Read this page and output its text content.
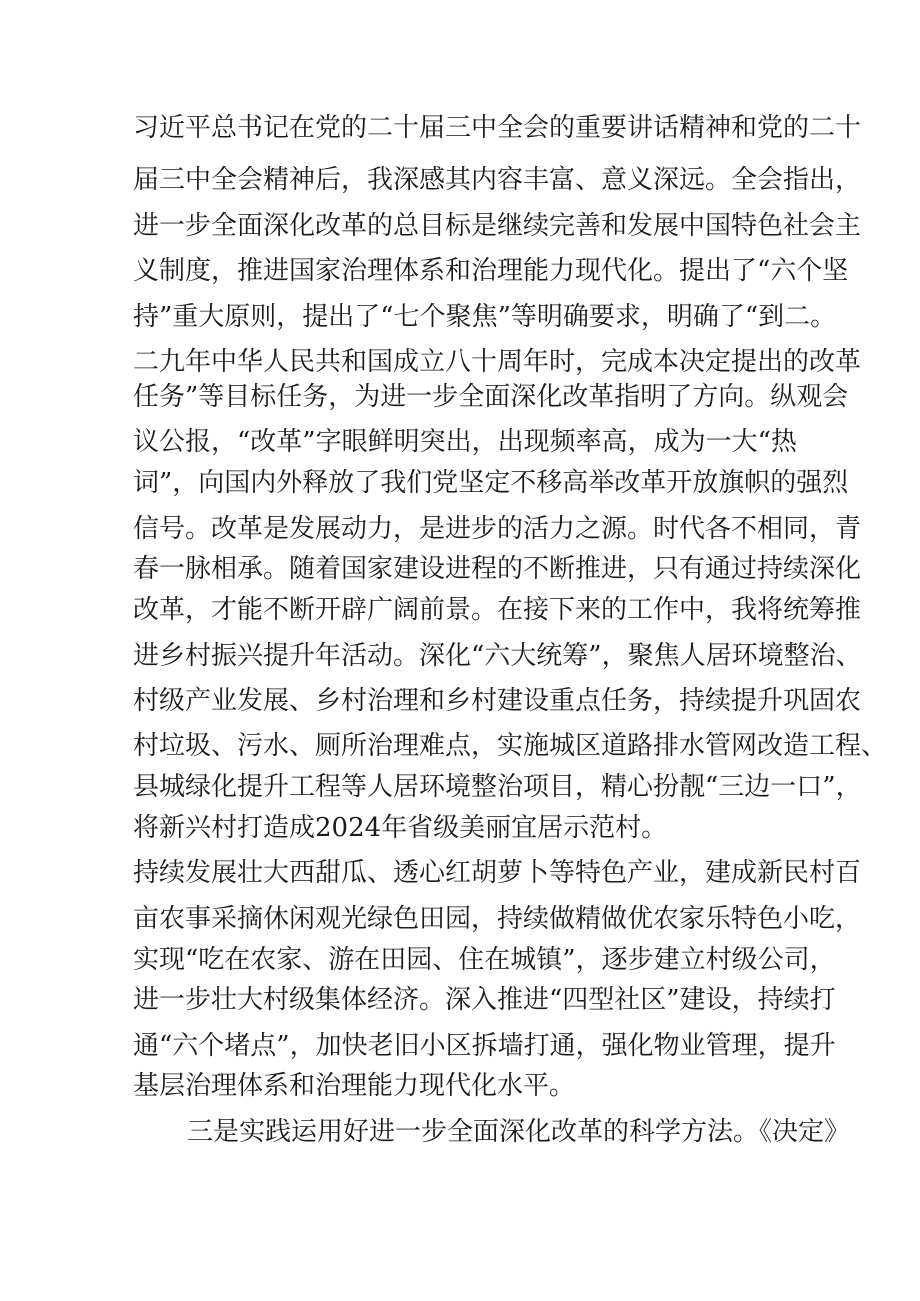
习近平总书记在党的二十届三中全会的重要讲话精神和党的二十
届三中全会精神后，我深感其内容丰富、意义深远。全会指出，
进一步全面深化改革的总目标是继续完善和发展中国特色社会主
义制度，推进国家治理体系和治理能力现代化。提出了“六个坚
持”重大原则，提出了“七个聚焦”等明确要求，明确了“到二。
二九年中华人民共和国成立八十周年时，完成本决定提出的改革
任务”等目标任务，为进一步全面深化改革指明了方向。纵观会
议公报，“改革”字眼鲜明突出，出现频率高，成为一大“热
词”，向国内外释放了我们党坚定不移高举改革开放旗帜的强烈
信号。改革是发展动力，是进步的活力之源。时代各不相同，青
春一脉相承。随着国家建设进程的不断推进，只有通过持续深化
改革，才能不断开辟广阔前景。在接下来的工作中，我将统筹推
进乡村振兴提升年活动。深化“六大统筹”，聚焦人居环境整治、
村级产业发展、乡村治理和乡村建设重点任务，持续提升巩固农
村垃圾、污水、厕所治理难点，实施城区道路排水管网改造工程、
县城绿化提升工程等人居环境整治项目，精心扮靓“三边一口”，
将新兴村打造成2024年省级美丽宜居示范村。
持续发展壮大西甜瓜、透心红胡萝卜等特色产业，建成新民村百
亩农事采摘休闲观光绿色田园，持续做精做优农家乐特色小吃，
实现“吃在农家、游在田园、住在城镇”，逐步建立村级公司，
进一步壮大村级集体经济。深入推进“四型社区”建设，持续打
通“六个堵点”，加快老旧小区拆墙打通，强化物业管理，提升
基层治理体系和治理能力现代化水平。
三是实践运用好进一步全面深化改革的科学方法。《决定》
